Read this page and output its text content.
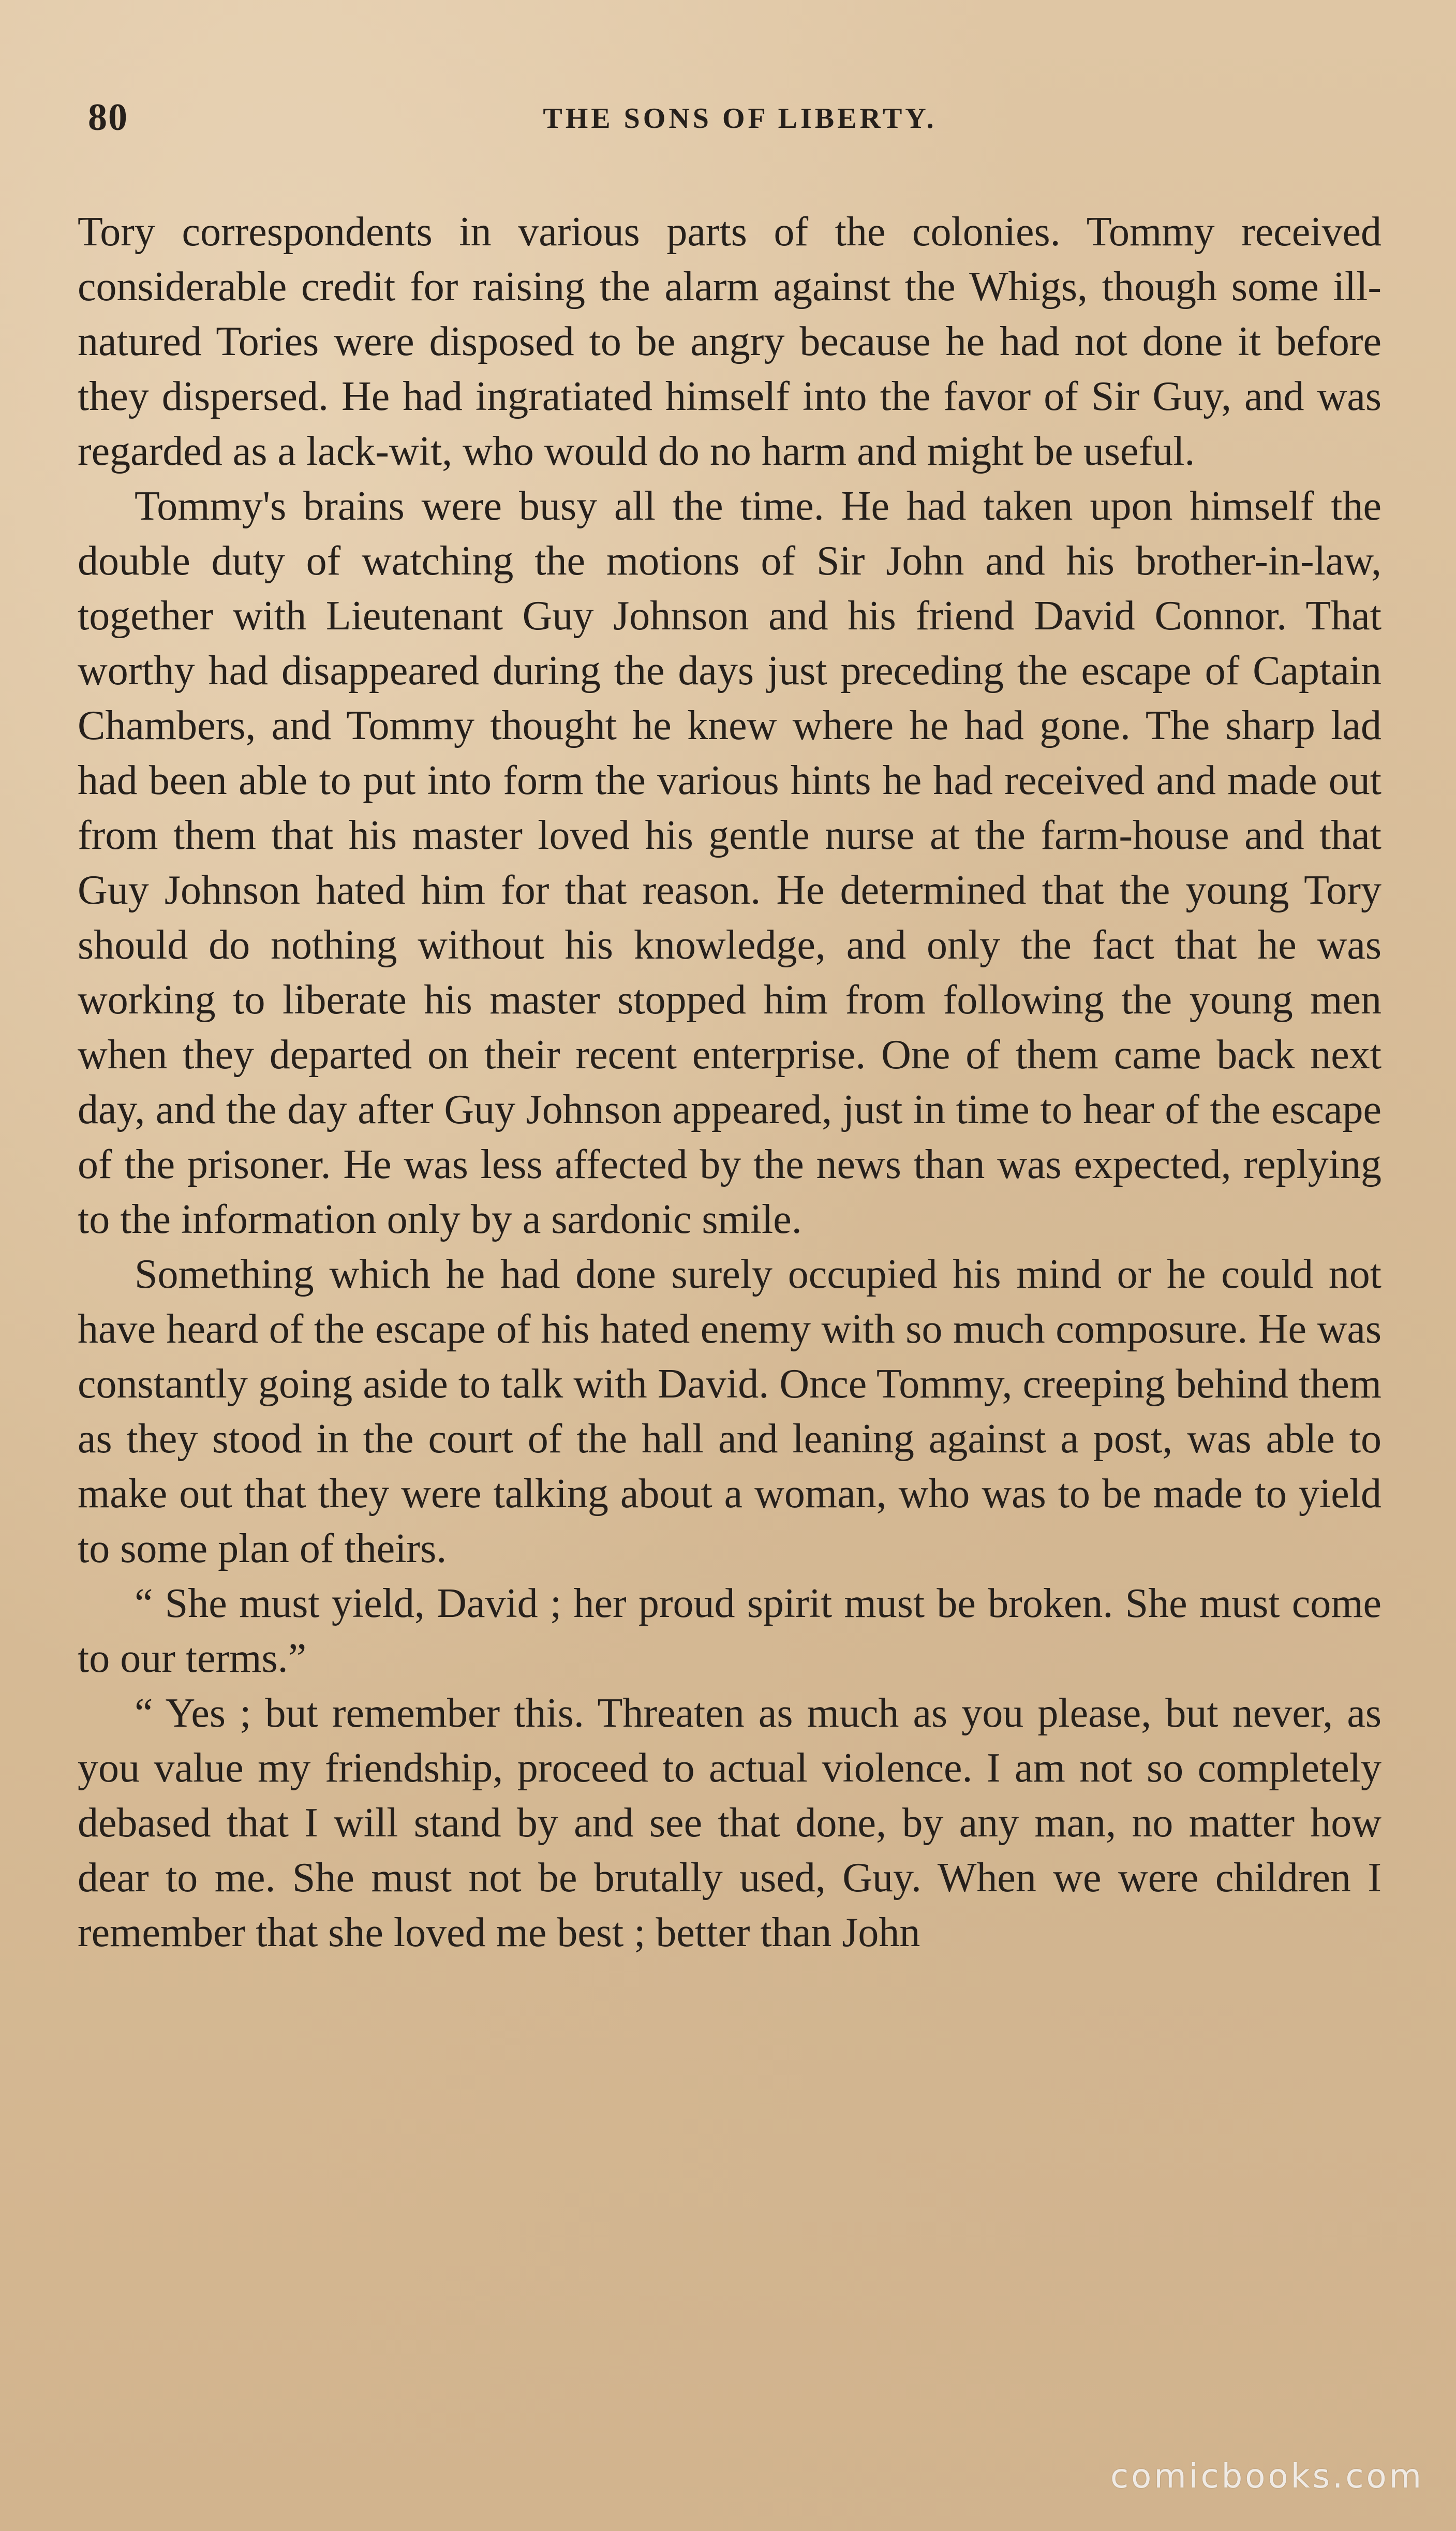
80	THE SONS OF LIBERTY.

Tory correspondents in various parts of the colonies. Tommy received considerable credit for raising the alarm against the Whigs, though some ill-natured Tories were disposed to be angry because he had not done it before they dispersed. He had ingratiated himself into the favor of Sir Guy, and was regarded as a lack-wit, who would do no harm and might be useful.

Tommy's brains were busy all the time. He had taken upon himself the double duty of watching the motions of Sir John and his brother-in-law, together with Lieutenant Guy Johnson and his friend David Connor. That worthy had disappeared during the days just preceding the escape of Captain Chambers, and Tommy thought he knew where he had gone. The sharp lad had been able to put into form the various hints he had received and made out from them that his master loved his gentle nurse at the farm-house and that Guy Johnson hated him for that reason. He determined that the young Tory should do nothing without his knowledge, and only the fact that he was working to liberate his master stopped him from following the young men when they departed on their recent enterprise. One of them came back next day, and the day after Guy Johnson appeared, just in time to hear of the escape of the prisoner. He was less affected by the news than was expected, replying to the information only by a sardonic smile.

Something which he had done surely occupied his mind or he could not have heard of the escape of his hated enemy with so much composure. He was constantly going aside to talk with David. Once Tommy, creeping behind them as they stood in the court of the hall and leaning against a post, was able to make out that they were talking about a woman, who was to be made to yield to some plan of theirs.

“ She must yield, David ; her proud spirit must be broken. She must come to our terms.”

“ Yes ; but remember this. Threaten as much as you please, but never, as you value my friendship, proceed to actual violence. I am not so completely debased that I will stand by and see that done, by any man, no matter how dear to me. She must not be brutally used, Guy. When we were children I remember that she loved me best ; better than John

comicbooks.com
